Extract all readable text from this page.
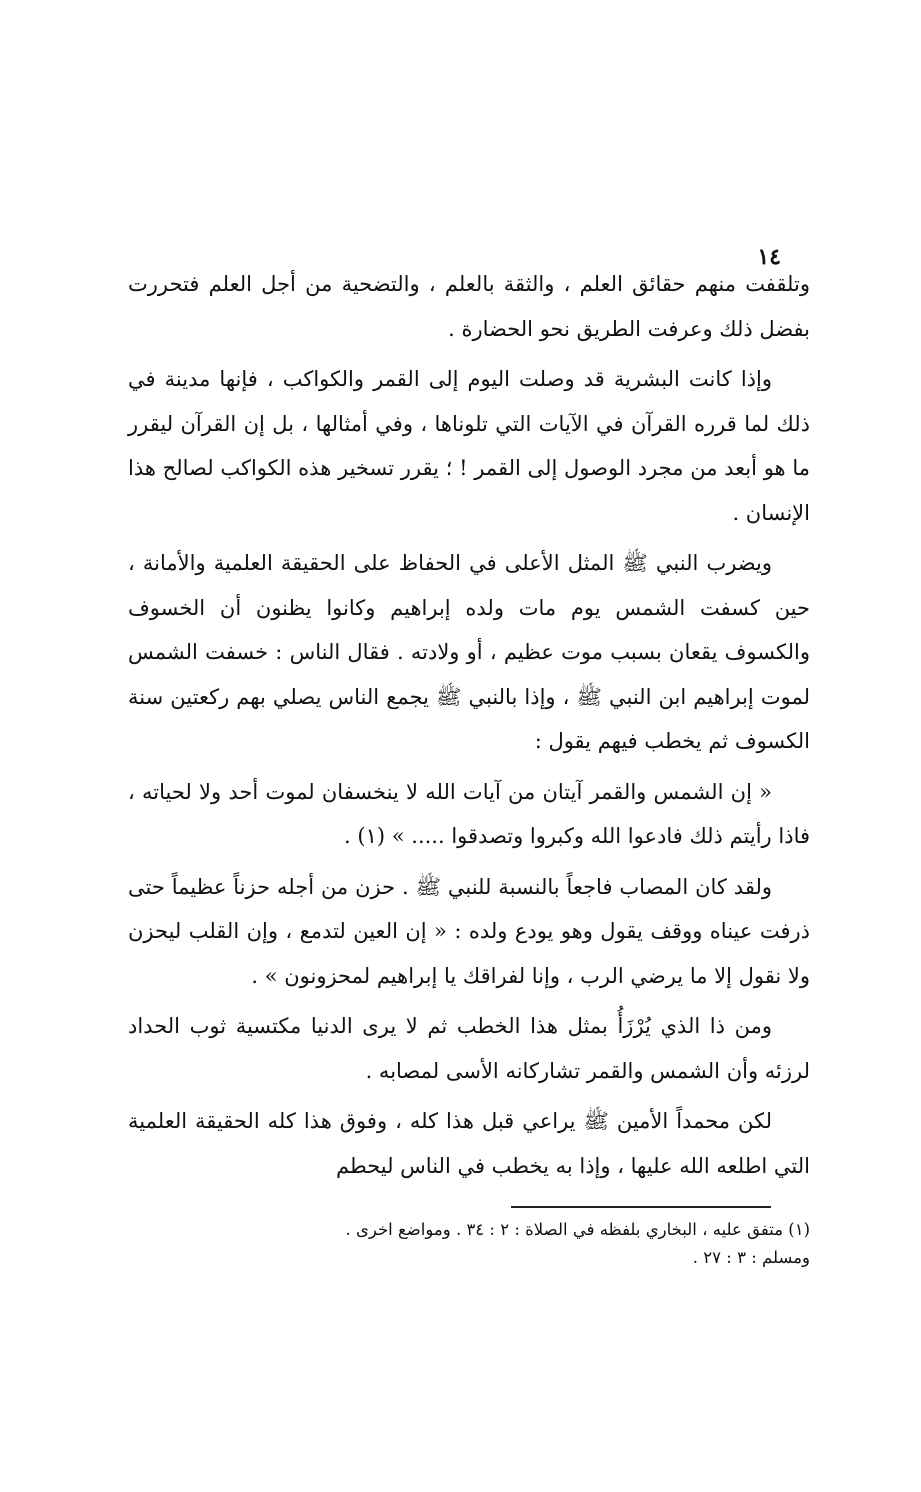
١٤

وتلقفت منهم حقائق العلم ، والثقة بالعلم ، والتضحية من أجل العلم فتحررت بفضل ذلك وعرفت الطريق نحو الحضارة .

وإذا كانت البشرية قد وصلت اليوم إلى القمر والكواكب ، فإنها مدينة في ذلك لما قرره القرآن في الآيات التي تلوناها ، وفي أمثالها ، بل إن القرآن ليقرر ما هو أبعد من مجرد الوصول إلى القمر ! ؛ يقرر تسخير هذه الكواكب لصالح هذا الإنسان .

ويضرب النبي ﷺ المثل الأعلى في الحفاظ على الحقيقة العلمية والأمانة ، حين كسفت الشمس يوم مات ولده إبراهيم وكانوا يظنون أن الخسوف والكسوف يقعان بسبب موت عظيم ، أو ولادته . فقال الناس : خسفت الشمس لموت إبراهيم ابن النبي ﷺ ، وإذا بالنبي ﷺ يجمع الناس يصلي بهم ركعتين سنة الكسوف ثم يخطب فيهم يقول :

« إن الشمس والقمر آيتان من آيات الله لا ينخسفان لموت أحد ولا لحياته ، فاذا رأيتم ذلك فادعوا الله وكبروا وتصدقوا ..... » (١) .

ولقد كان المصاب فاجعاً بالنسبة للنبي ﷺ . حزن من أجله حزناً عظيماً حتى ذرفت عيناه ووقف يقول وهو يودع ولده : « إن العين لتدمع ، وإن القلب ليحزن ولا نقول إلا ما يرضي الرب ، وإنا لفراقك يا إبراهيم لمحزونون » .

ومن ذا الذي يُرْزَأُ بمثل هذا الخطب ثم لا يرى الدنيا مكتسية ثوب الحداد لرزئه وأن الشمس والقمر تشاركانه الأسى لمصابه .

لكن محمداً الأمين ﷺ يراعي قبل هذا كله ، وفوق هذا كله الحقيقة العلمية التي اطلعه الله عليها ، وإذا به يخطب في الناس ليحطم

(١) متفق عليه ، البخاري بلفظه في الصلاة : ٢ : ٣٤ . ومواضع اخرى .

ومسلم : ٣ : ٢٧ .
